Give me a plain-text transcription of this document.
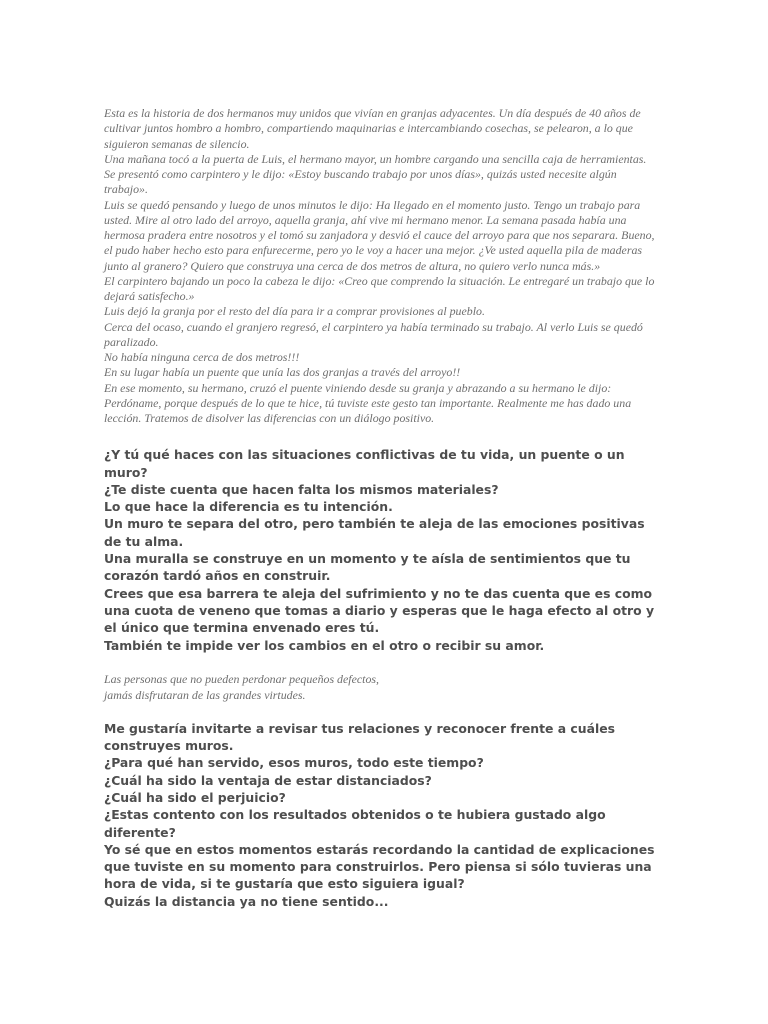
Esta es la historia de dos hermanos muy unidos que vivían en granjas adyacentes. Un día después de 40 años de cultivar juntos hombro a hombro, compartiendo maquinarias e intercambiando cosechas, se pelearon, a lo que siguieron semanas de silencio.

Una mañana tocó a la puerta de Luis, el hermano mayor, un hombre cargando una sencilla caja de herramientas. Se presentó como carpintero y le dijo: «Estoy buscando trabajo por unos días», quizás usted necesite algún trabajo».

Luis se quedó pensando y luego de unos minutos le dijo: Ha llegado en el momento justo. Tengo un trabajo para usted. Mire al otro lado del arroyo, aquella granja, ahí vive mi hermano menor. La semana pasada había una hermosa pradera entre nosotros y el tomó su zanjadora y desvió el cauce del arroyo para que nos separara. Bueno, el pudo haber hecho esto para enfurecerme, pero yo le voy a hacer una mejor. ¿Ve usted aquella pila de maderas junto al granero? Quiero que construya una cerca de dos metros de altura, no quiero verlo nunca más.»

El carpintero bajando un poco la cabeza le dijo: «Creo que comprendo la situación. Le entregaré un trabajo que lo dejará satisfecho.»

Luis dejó la granja por el resto del día para ir a comprar provisiones al pueblo.

Cerca del ocaso, cuando el granjero regresó, el carpintero ya había terminado su trabajo. Al verlo Luis se quedó paralizado.

No había ninguna cerca de dos metros!!!

En su lugar había un puente que unía las dos granjas a través del arroyo!!

En ese momento, su hermano, cruzó el puente viniendo desde su granja y abrazando a su hermano le dijo: Perdóname, porque después de lo que te hice, tú tuviste este gesto tan importante. Realmente me has dado una lección. Tratemos de disolver las diferencias con un diálogo positivo.

¿Y tú qué haces con las situaciones conflictivas de tu vida, un puente o un muro?

¿Te diste cuenta que hacen falta los mismos materiales?

Lo que hace la diferencia es tu intención.

Un muro te separa del otro, pero también te aleja de las emociones positivas de tu alma.

Una muralla se construye en un momento y te aísla de sentimientos que tu corazón tardó años en construir.

Crees que esa barrera te aleja del sufrimiento y no te das cuenta que es como una cuota de veneno que tomas a diario y esperas que le haga efecto al otro y el único que termina envenado eres tú.

También te impide ver los cambios en el otro o recibir su amor.

Las personas que no pueden perdonar pequeños defectos,

jamás disfrutaran de las grandes virtudes.

Me gustaría invitarte a revisar tus relaciones y reconocer frente a cuáles construyes muros.

¿Para qué han servido, esos muros, todo este tiempo?

¿Cuál ha sido la ventaja de estar distanciados?

¿Cuál ha sido el perjuicio?

¿Estas contento con los resultados obtenidos o te hubiera gustado algo diferente?

Yo sé que en estos momentos estarás recordando la cantidad de explicaciones que tuviste en su momento para construirlos. Pero piensa si sólo tuvieras una hora de vida, si te gustaría que esto siguiera igual?

Quizás la distancia ya no tiene sentido...
